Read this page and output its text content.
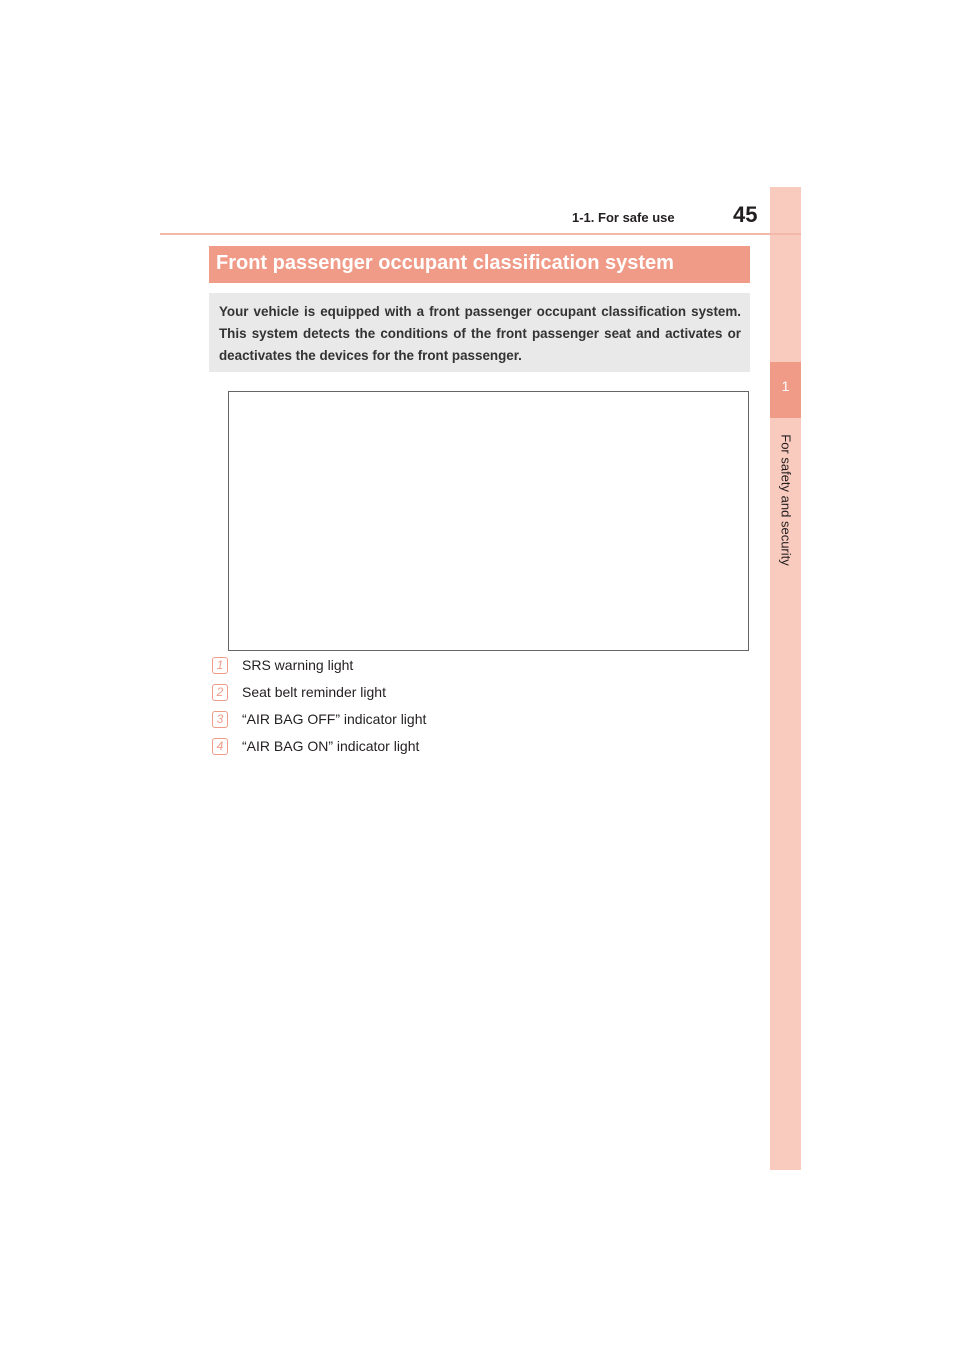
1
For safety and security
1-1. For safe use	45
Front passenger occupant classification system
Your vehicle is equipped with a front passenger occupant classification system. This system detects the conditions of the front passenger seat and activates or deactivates the devices for the front passenger.
1	SRS warning light
2	Seat belt reminder light
3	“AIR BAG OFF” indicator light
4	“AIR BAG ON” indicator light
